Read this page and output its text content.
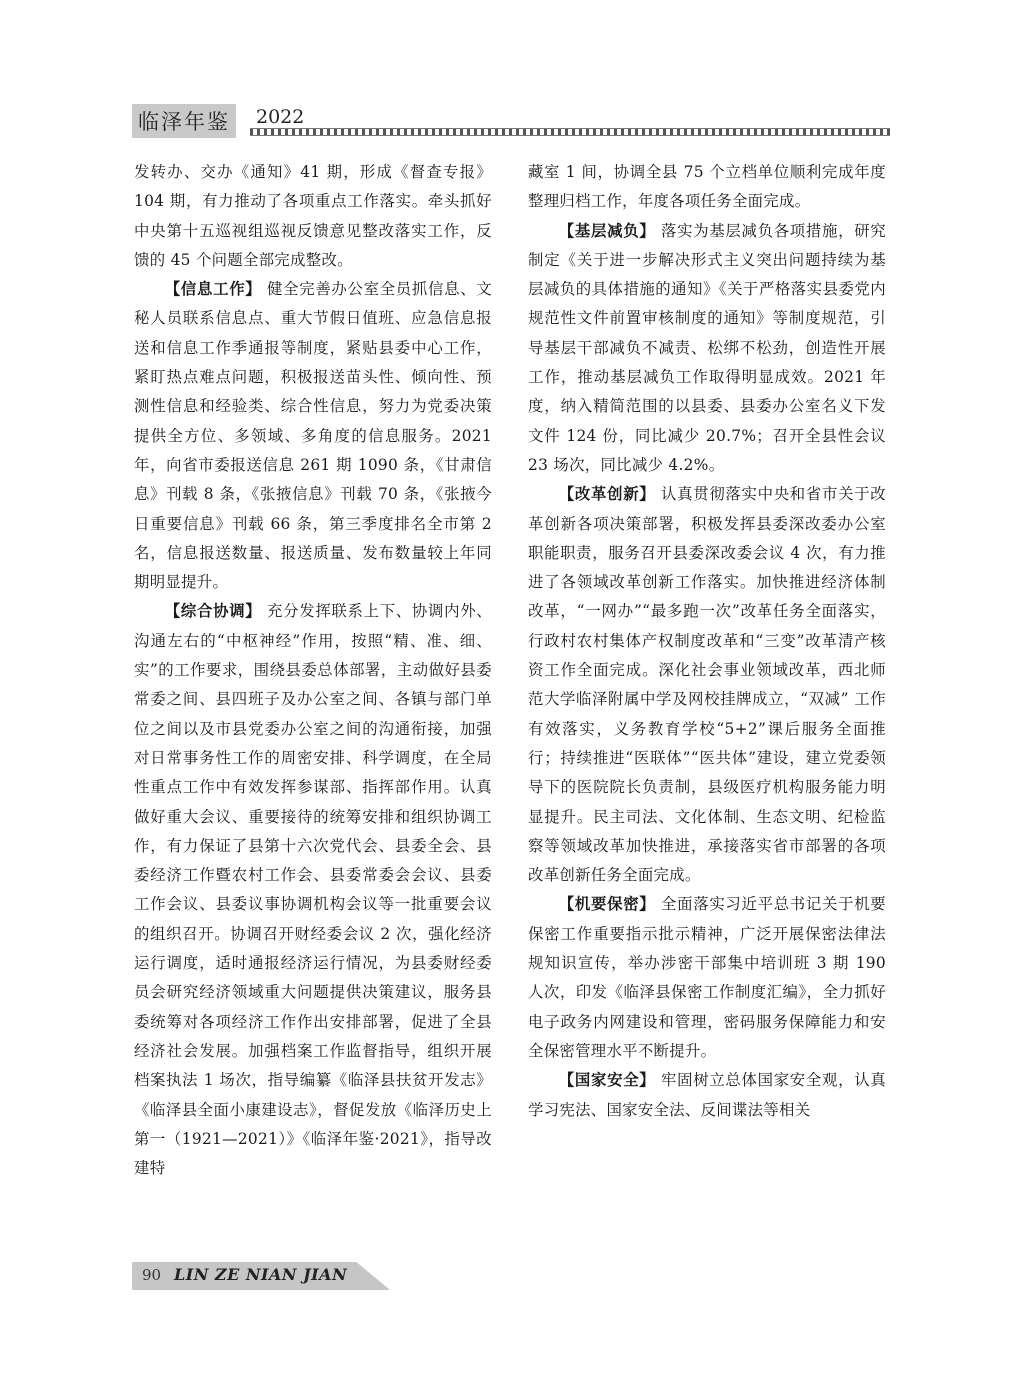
临泽年鉴	2022

发转办、交办《通知》41 期，形成《督查专报》104 期，有力推动了各项重点工作落实。牵头抓好中央第十五巡视组巡视反馈意见整改落实工作，反馈的 45 个问题全部完成整改。

【信息工作】 健全完善办公室全员抓信息、文秘人员联系信息点、重大节假日值班、应急信息报送和信息工作季通报等制度，紧贴县委中心工作，紧盯热点难点问题，积极报送苗头性、倾向性、预测性信息和经验类、综合性信息，努力为党委决策提供全方位、多领域、多角度的信息服务。2021 年，向省市委报送信息 261 期 1090 条，《甘肃信息》刊载 8 条，《张掖信息》刊载 70 条，《张掖今日重要信息》刊载 66 条，第三季度排名全市第 2 名，信息报送数量、报送质量、发布数量较上年同期明显提升。

【综合协调】 充分发挥联系上下、协调内外、沟通左右的“中枢神经”作用，按照“精、准、细、实”的工作要求，围绕县委总体部署，主动做好县委常委之间、县四班子及办公室之间、各镇与部门单位之间以及市县党委办公室之间的沟通衔接，加强对日常事务性工作的周密安排、科学调度，在全局性重点工作中有效发挥参谋部、指挥部作用。认真做好重大会议、重要接待的统筹安排和组织协调工作，有力保证了县第十六次党代会、县委全会、县委经济工作暨农村工作会、县委常委会会议、县委工作会议、县委议事协调机构会议等一批重要会议的组织召开。协调召开财经委会议 2 次，强化经济运行调度，适时通报经济运行情况，为县委财经委员会研究经济领域重大问题提供决策建议，服务县委统筹对各项经济工作作出安排部署，促进了全县经济社会发展。加强档案工作监督指导，组织开展档案执法 1 场次，指导编纂《临泽县扶贫开发志》《临泽县全面小康建设志》，督促发放《临泽历史上第一（1921—2021）》《临泽年鉴·2021》，指导改建特

藏室 1 间，协调全县 75 个立档单位顺利完成年度整理归档工作，年度各项任务全面完成。

【基层减负】 落实为基层减负各项措施，研究制定《关于进一步解决形式主义突出问题持续为基层减负的具体措施的通知》《关于严格落实县委党内规范性文件前置审核制度的通知》等制度规范，引导基层干部减负不减责、松绑不松劲，创造性开展工作，推动基层减负工作取得明显成效。2021 年度，纳入精简范围的以县委、县委办公室名义下发文件 124 份，同比减少 20.7%；召开全县性会议 23 场次，同比减少 4.2%。

【改革创新】 认真贯彻落实中央和省市关于改革创新各项决策部署，积极发挥县委深改委办公室职能职责，服务召开县委深改委会议 4 次，有力推进了各领域改革创新工作落实。加快推进经济体制改革，“一网办”“最多跑一次”改革任务全面落实，行政村农村集体产权制度改革和“三变”改革清产核资工作全面完成。深化社会事业领域改革，西北师范大学临泽附属中学及网校挂牌成立，“双减” 工作有效落实，义务教育学校“5+2”课后服务全面推行；持续推进“医联体”“医共体”建设，建立党委领导下的医院院长负责制，县级医疗机构服务能力明显提升。民主司法、文化体制、生态文明、纪检监察等领域改革加快推进，承接落实省市部署的各项改革创新任务全面完成。

【机要保密】 全面落实习近平总书记关于机要保密工作重要指示批示精神，广泛开展保密法律法规知识宣传，举办涉密干部集中培训班 3 期 190 人次，印发《临泽县保密工作制度汇编》，全力抓好电子政务内网建设和管理，密码服务保障能力和安全保密管理水平不断提升。

【国家安全】 牢固树立总体国家安全观，认真学习宪法、国家安全法、反间谍法等相关

90 LIN ZE NIAN JIAN
